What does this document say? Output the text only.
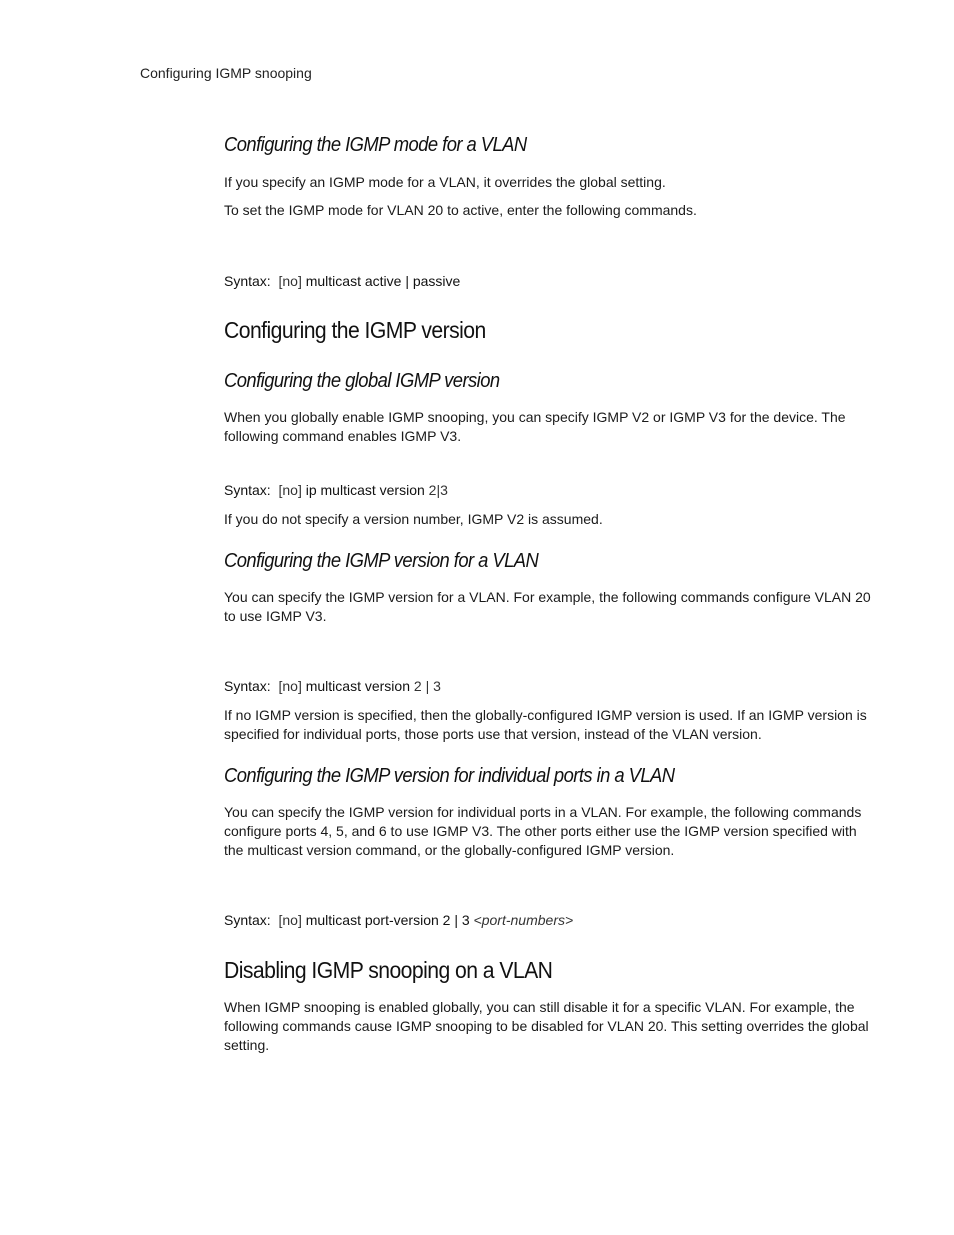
Configuring IGMP snooping
Configuring the IGMP mode for a VLAN
If you specify an IGMP mode for a VLAN, it overrides the global setting.
To set the IGMP mode for VLAN 20 to active, enter the following commands.
Syntax: [no] multicast active | passive
Configuring the IGMP version
Configuring the global IGMP version
When you globally enable IGMP snooping, you can specify IGMP V2 or IGMP V3 for the device. The following command enables IGMP V3.
Syntax: [no] ip multicast version 2|3
If you do not specify a version number, IGMP V2 is assumed.
Configuring the IGMP version for a VLAN
You can specify the IGMP version for a VLAN. For example, the following commands configure VLAN 20 to use IGMP V3.
Syntax: [no] multicast version 2 | 3
If no IGMP version is specified, then the globally-configured IGMP version is used. If an IGMP version is specified for individual ports, those ports use that version, instead of the VLAN version.
Configuring the IGMP version for individual ports in a VLAN
You can specify the IGMP version for individual ports in a VLAN. For example, the following commands configure ports 4, 5, and 6 to use IGMP V3. The other ports either use the IGMP version specified with the multicast version command, or the globally-configured IGMP version.
Syntax: [no] multicast port-version 2 | 3 <port-numbers>
Disabling IGMP snooping on a VLAN
When IGMP snooping is enabled globally, you can still disable it for a specific VLAN. For example, the following commands cause IGMP snooping to be disabled for VLAN 20. This setting overrides the global setting.
